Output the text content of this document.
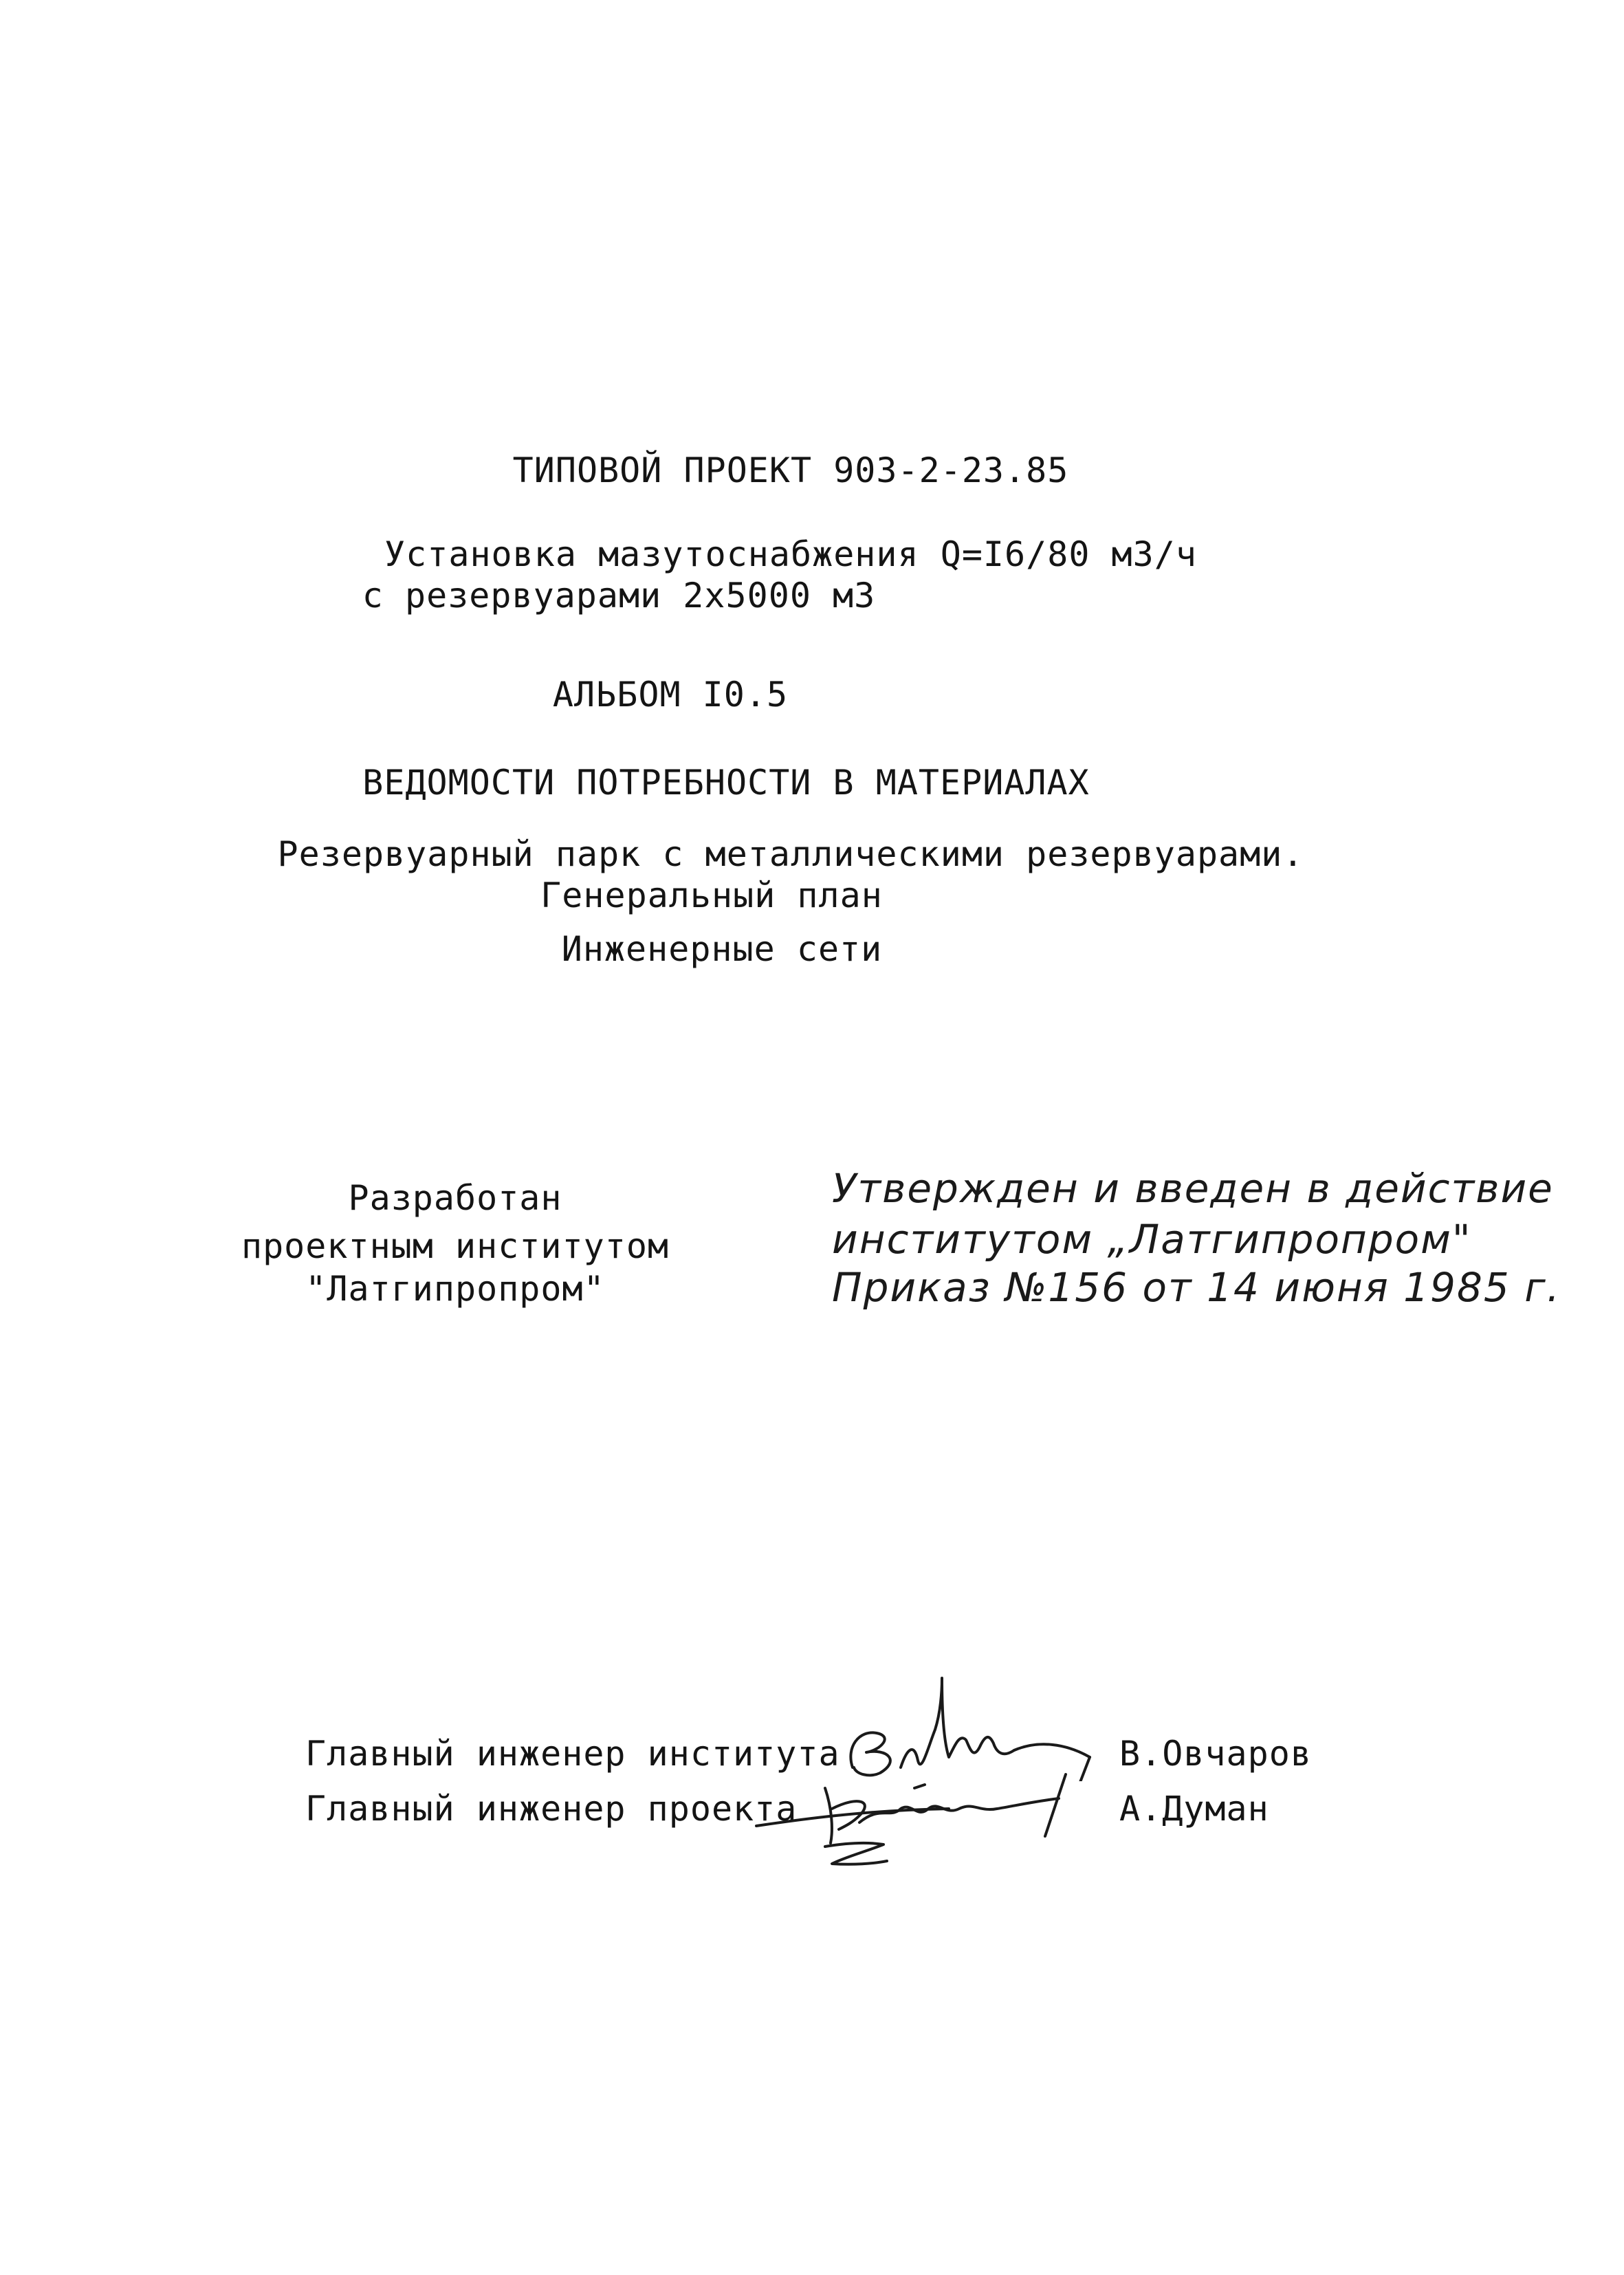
ТИПОВОЙ ПРОЕКТ 903-2-23.85
Установка мазутоснабжения Q=I6/80 м3/ч
с резервуарами 2х5000 м3
АЛЬБОМ I0.5
ВЕДОМОСТИ ПОТРЕБНОСТИ В МАТЕРИАЛАХ
Резервуарный парк с металлическими резервуарами.
Генеральный план
Инженерные сети
Разработан
проектным институтом
"Латгипропром"
Утвержден и введен в действие
институтом „Латгипропром"
Приказ №156 от 14 июня 1985 г.
Главный инженер института	В.Овчаров
Главный инженер проекта	А.Думан
